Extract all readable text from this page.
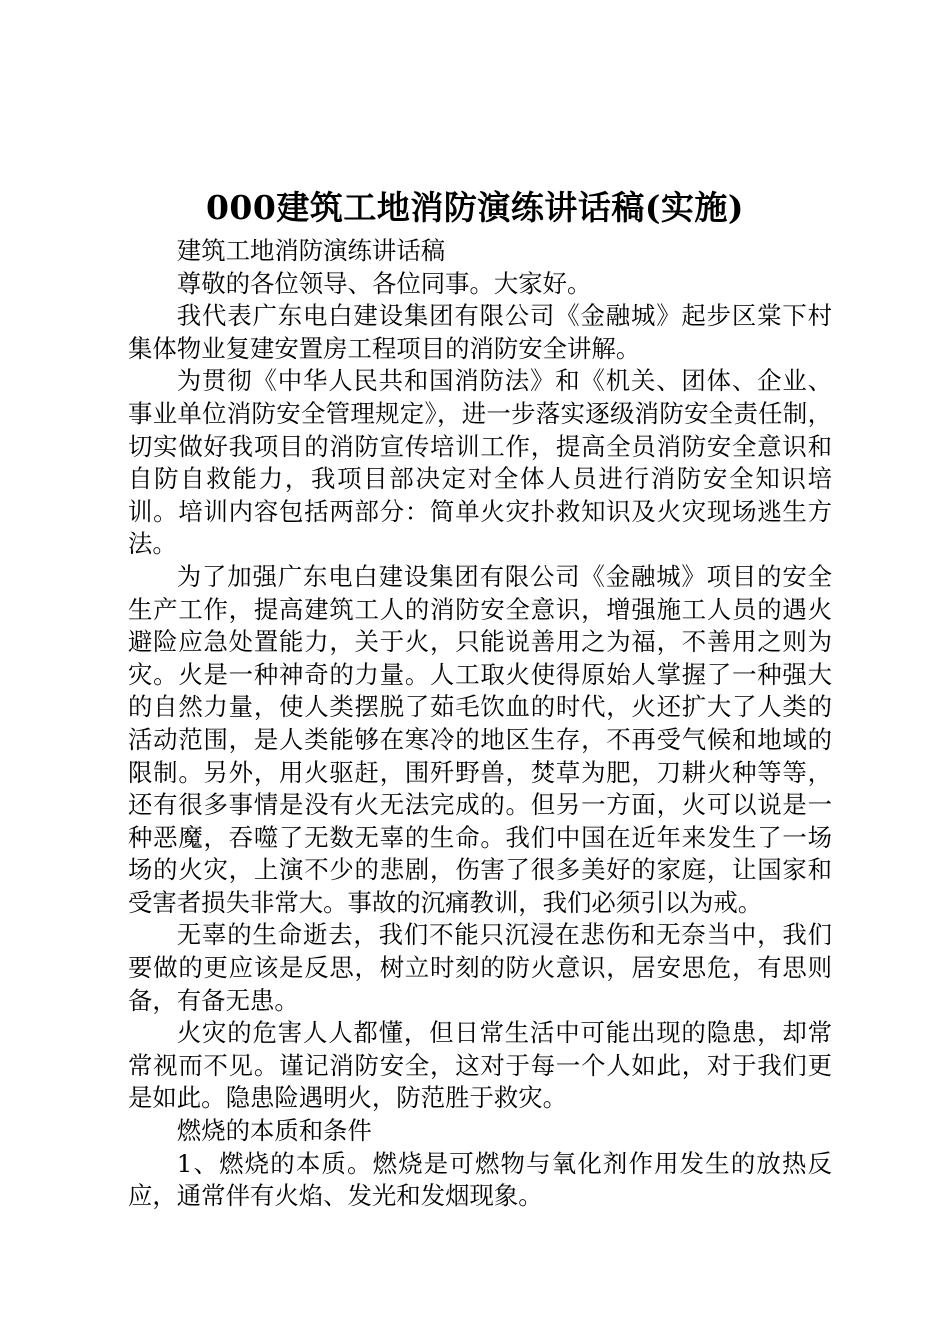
000建筑工地消防演练讲话稿(实施)

建筑工地消防演练讲话稿

尊敬的各位领导、各位同事。大家好。

我代表广东电白建设集团有限公司《金融城》起步区棠下村集体物业复建安置房工程项目的消防安全讲解。

为贯彻《中华人民共和国消防法》和《机关、团体、企业、事业单位消防安全管理规定》，进一步落实逐级消防安全责任制，切实做好我项目的消防宣传培训工作，提高全员消防安全意识和自防自救能力，我项目部决定对全体人员进行消防安全知识培训。培训内容包括两部分：简单火灾扑救知识及火灾现场逃生方法。

为了加强广东电白建设集团有限公司《金融城》项目的安全生产工作，提高建筑工人的消防安全意识，增强施工人员的遇火避险应急处置能力，关于火，只能说善用之为福，不善用之则为灾。火是一种神奇的力量。人工取火使得原始人掌握了一种强大的自然力量，使人类摆脱了茹毛饮血的时代，火还扩大了人类的活动范围，是人类能够在寒冷的地区生存，不再受气候和地域的限制。另外，用火驱赶，围歼野兽，焚草为肥，刀耕火种等等，还有很多事情是没有火无法完成的。但另一方面，火可以说是一种恶魔，吞噬了无数无辜的生命。我们中国在近年来发生了一场场的火灾，上演不少的悲剧，伤害了很多美好的家庭，让国家和受害者损失非常大。事故的沉痛教训，我们必须引以为戒。

无辜的生命逝去，我们不能只沉浸在悲伤和无奈当中，我们要做的更应该是反思，树立时刻的防火意识，居安思危，有思则备，有备无患。

火灾的危害人人都懂，但日常生活中可能出现的隐患，却常常视而不见。谨记消防安全，这对于每一个人如此，对于我们更是如此。隐患险遇明火，防范胜于救灾。

燃烧的本质和条件

1、燃烧的本质。燃烧是可燃物与氧化剂作用发生的放热反应，通常伴有火焰、发光和发烟现象。
